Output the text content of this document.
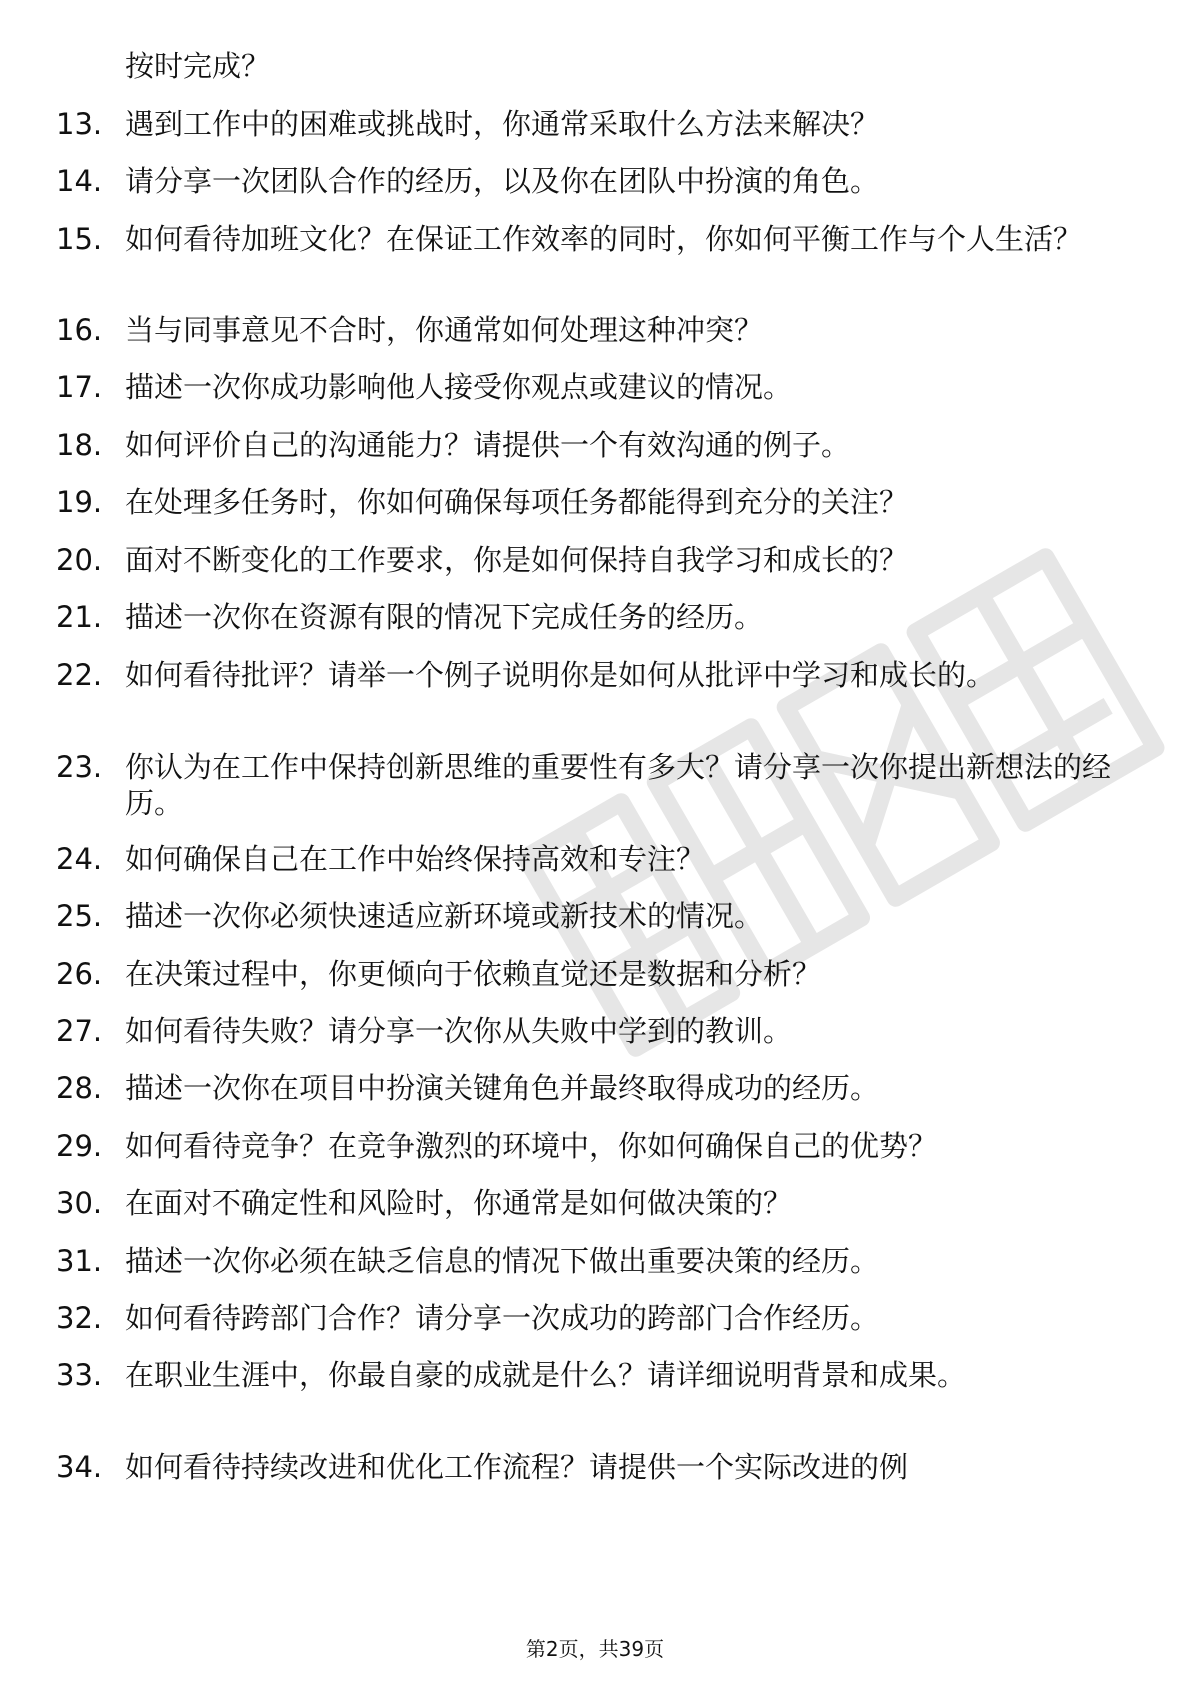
按时完成？
13. 遇到工作中的困难或挑战时，你通常采取什么方法来解决？
14. 请分享一次团队合作的经历，以及你在团队中扮演的角色。
15. 如何看待加班文化？在保证工作效率的同时，你如何平衡工作与个人生活？
16. 当与同事意见不合时，你通常如何处理这种冲突？
17. 描述一次你成功影响他人接受你观点或建议的情况。
18. 如何评价自己的沟通能力？请提供一个有效沟通的例子。
19. 在处理多任务时，你如何确保每项任务都能得到充分的关注？
20. 面对不断变化的工作要求，你是如何保持自我学习和成长的？
21. 描述一次你在资源有限的情况下完成任务的经历。
22. 如何看待批评？请举一个例子说明你是如何从批评中学习和成长的。
23. 你认为在工作中保持创新思维的重要性有多大？请分享一次你提出新想法的经历。
24. 如何确保自己在工作中始终保持高效和专注？
25. 描述一次你必须快速适应新环境或新技术的情况。
26. 在决策过程中，你更倾向于依赖直觉还是数据和分析？
27. 如何看待失败？请分享一次你从失败中学到的教训。
28. 描述一次你在项目中扮演关键角色并最终取得成功的经历。
29. 如何看待竞争？在竞争激烈的环境中，你如何确保自己的优势？
30. 在面对不确定性和风险时，你通常是如何做决策的？
31. 描述一次你必须在缺乏信息的情况下做出重要决策的经历。
32. 如何看待跨部门合作？请分享一次成功的跨部门合作经历。
33. 在职业生涯中，你最自豪的成就是什么？请详细说明背景和成果。
34. 如何看待持续改进和优化工作流程？请提供一个实际改进的例
第2页，共39页
